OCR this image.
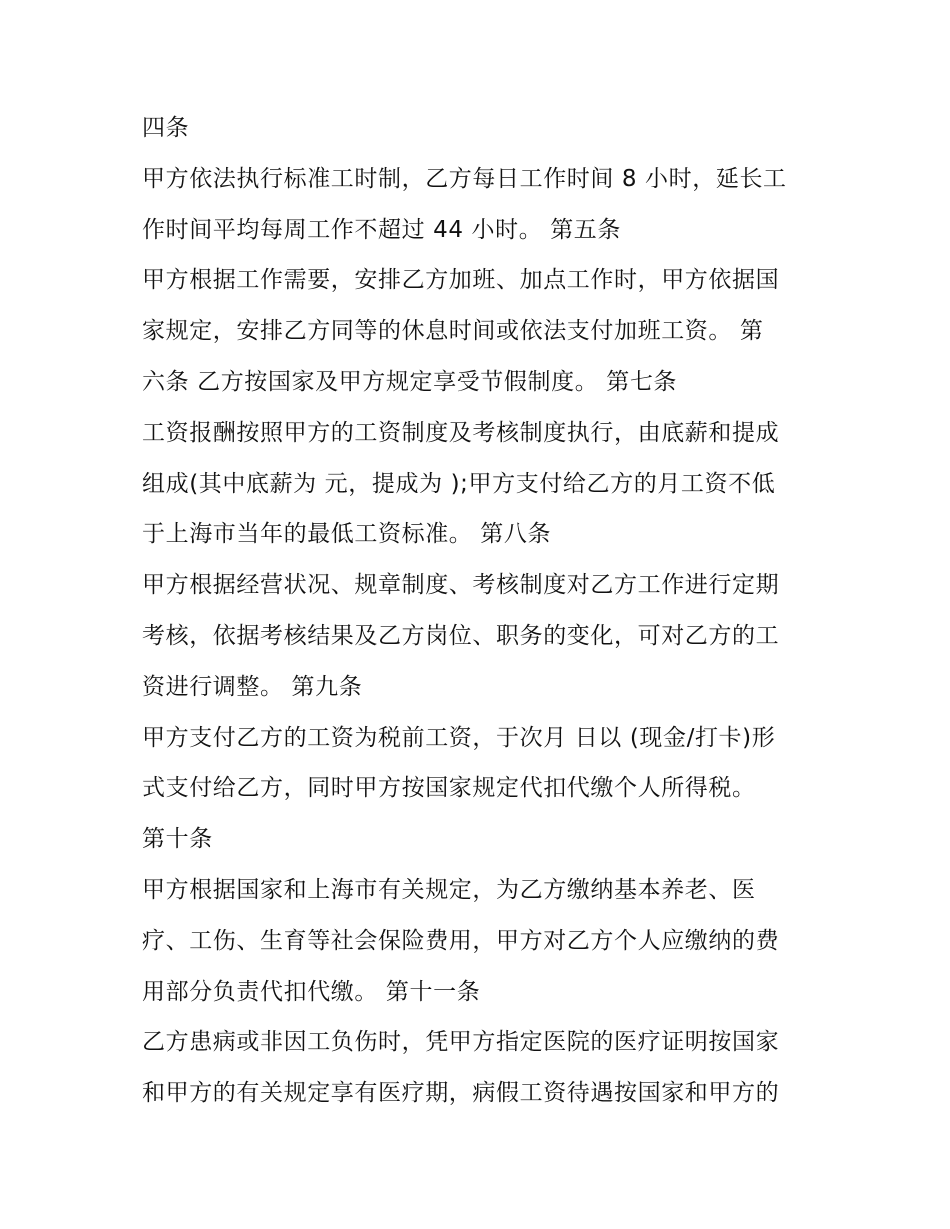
四条
甲方依法执行标准工时制，乙方每日工作时间 8 小时，延长工
作时间平均每周工作不超过 44 小时。 第五条
甲方根据工作需要，安排乙方加班、加点工作时，甲方依据国
家规定，安排乙方同等的休息时间或依法支付加班工资。 第
六条 乙方按国家及甲方规定享受节假制度。 第七条
工资报酬按照甲方的工资制度及考核制度执行，由底薪和提成
组成(其中底薪为 元，提成为 );甲方支付给乙方的月工资不低
于上海市当年的最低工资标准。 第八条
甲方根据经营状况、规章制度、考核制度对乙方工作进行定期
考核，依据考核结果及乙方岗位、职务的变化，可对乙方的工
资进行调整。 第九条
甲方支付乙方的工资为税前工资，于次月 日以 (现金/打卡)形
式支付给乙方，同时甲方按国家规定代扣代缴个人所得税。
第十条
甲方根据国家和上海市有关规定，为乙方缴纳基本养老、医
疗、工伤、生育等社会保险费用，甲方对乙方个人应缴纳的费
用部分负责代扣代缴。 第十一条
乙方患病或非因工负伤时，凭甲方指定医院的医疗证明按国家
和甲方的有关规定享有医疗期，病假工资待遇按国家和甲方的
